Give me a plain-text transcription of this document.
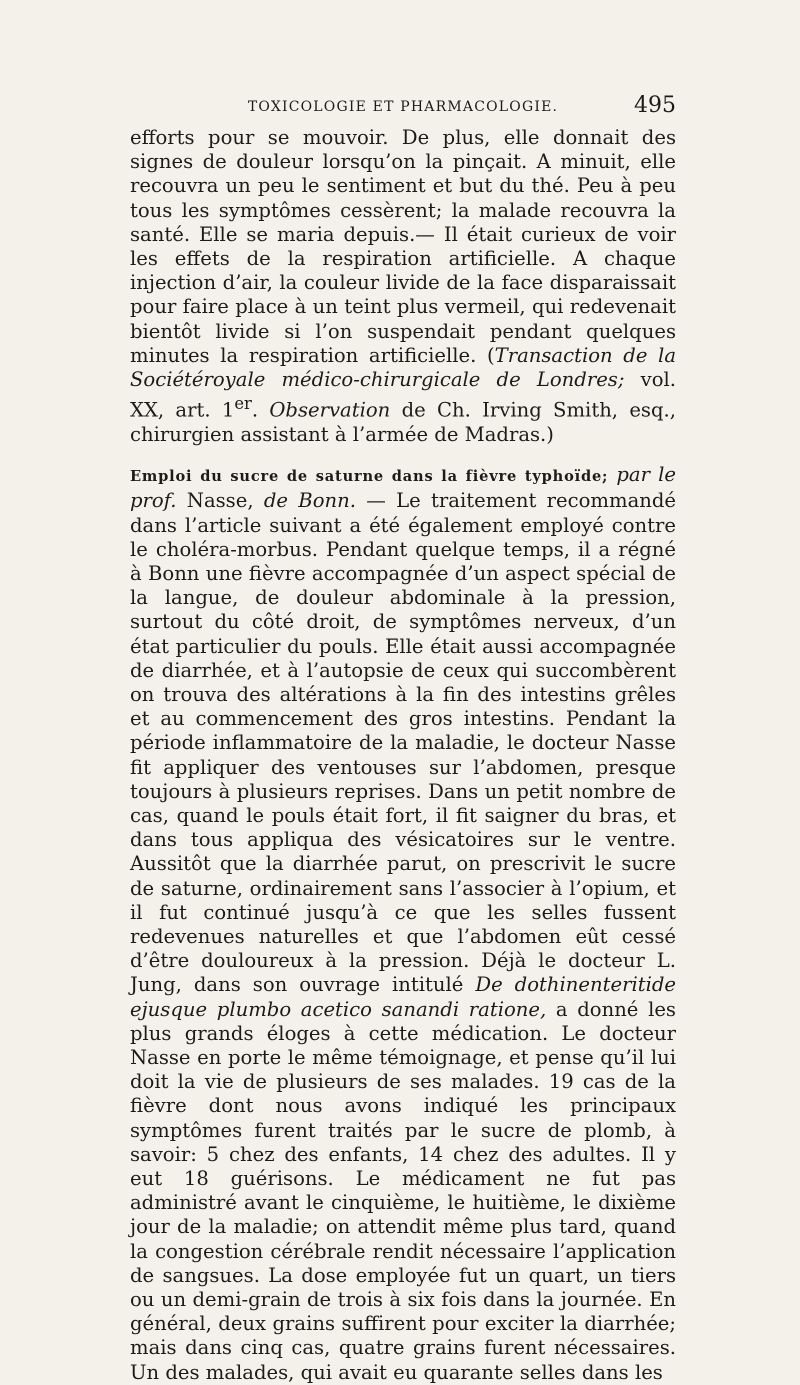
TOXICOLOGIE ET PHARMACOLOGIE.	495

efforts pour se mouvoir. De plus, elle donnait des signes de douleur lorsqu’on la pinçait. A minuit, elle recouvra un peu le sentiment et but du thé. Peu à peu tous les symptômes cessèrent; la malade recouvra la santé. Elle se maria depuis.— Il était curieux de voir les effets de la respiration artificielle. A chaque injection d’air, la couleur livide de la face disparaissait pour faire place à un teint plus vermeil, qui redevenait bientôt livide si l’on suspendait pendant quelques minutes la respiration artificielle. (Transaction de la Sociétéroyale médico-chirurgicale de Londres; vol. XX, art. 1er. Observation de Ch. Irving Smith, esq., chirurgien assistant à l’armée de Madras.)

Emploi du sucre de saturne dans la fièvre typhoïde; par le prof. Nasse, de Bonn. — Le traitement recommandé dans l’article suivant a été également employé contre le choléra-morbus. Pendant quelque temps, il a régné à Bonn une fièvre accompagnée d’un aspect spécial de la langue, de douleur abdominale à la pression, surtout du côté droit, de symptômes nerveux, d’un état particulier du pouls. Elle était aussi accompagnée de diarrhée, et à l’autopsie de ceux qui succombèrent on trouva des altérations à la fin des intestins grêles et au commencement des gros intestins. Pendant la période inflammatoire de la maladie, le docteur Nasse fit appliquer des ventouses sur l’abdomen, presque toujours à plusieurs reprises. Dans un petit nombre de cas, quand le pouls était fort, il fit saigner du bras, et dans tous appliqua des vésicatoires sur le ventre. Aussitôt que la diarrhée parut, on prescrivit le sucre de saturne, ordinairement sans l’associer à l’opium, et il fut continué jusqu’à ce que les selles fussent redevenues naturelles et que l’abdomen eût cessé d’être douloureux à la pression. Déjà le docteur L. Jung, dans son ouvrage intitulé De dothinenteritide ejusque plumbo acetico sanandi ratione, a donné les plus grands éloges à cette médication. Le docteur Nasse en porte le même témoignage, et pense qu’il lui doit la vie de plusieurs de ses malades. 19 cas de la fièvre dont nous avons indiqué les principaux symptômes furent traités par le sucre de plomb, à savoir: 5 chez des enfants, 14 chez des adultes. Il y eut 18 guérisons. Le médicament ne fut pas administré avant le cinquième, le huitième, le dixième jour de la maladie; on attendit même plus tard, quand la congestion cérébrale rendit nécessaire l’application de sangsues. La dose employée fut un quart, un tiers ou un demi-grain de trois à six fois dans la journée. En général, deux grains suffirent pour exciter la diarrhée; mais dans cinq cas, quatre grains furent nécessaires. Un des malades, qui avait eu quarante selles dans les
